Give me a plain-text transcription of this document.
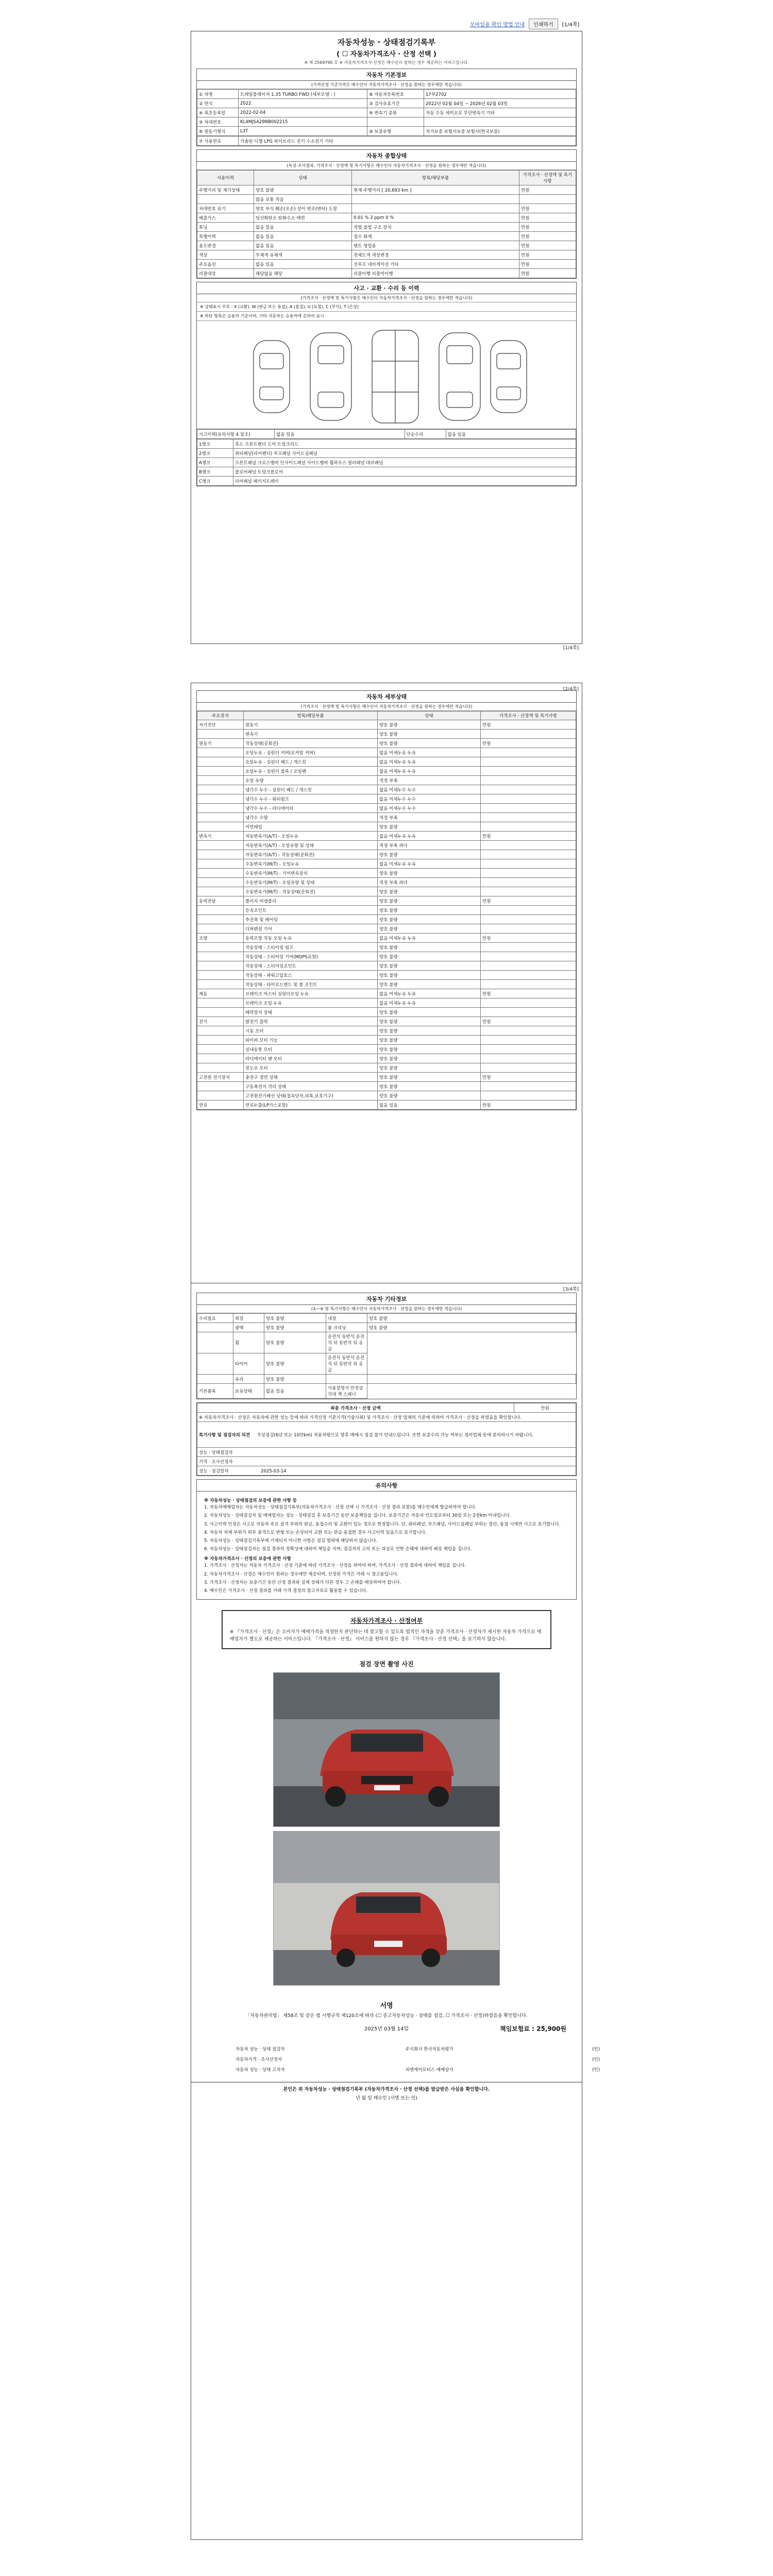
모바일용 확인 방법 안내	인쇄하기	[1/4쪽]
자동차성능 · 상태점검기록부
( ☐ 자동차가격조사 · 산정 선택 )
※ 제 2569790 호 ※ 자동차가격조사·산정은 매수인이 원하는 경우 제공하는 서비스입니다.
자동차 기본정보
(가격산정 기준가격은 매수인이 자동차가격조사 · 산정을 원하는 경우에만 적습니다)
① 차명	트레일블레이저 1.35 TURBO FWD (세부모델 : )	⑧ 자동차등록번호	17부2702
② 연식	2022	③ 검사유효기간	2022년 02월 04일 ~ 2026년 02월 03일
④ 최초등록일	2022-02-04	⑨ 변속기 종류	자동 수동 세미오토 무단변속기 기타
⑤ 차대번호	KL4MJSA29NB002215		
⑥ 원동기형식	L3T	⑩ 보증유형	자가보증 보험사보증 보험사(한국보증)
⑦ 사용연료	가솔린 디젤 LPG 하이브리드 전기 수소전기 기타
자동차 종합상태
(특성·조사결과, 가격조사 · 산정액 및 특기사항은 매수인이 자동차가격조사 · 산정을 원하는 경우에만 적습니다)
사용이력	상태	항목/해당부품	가격조사 · 산정액 및 특기사항
주행거리 및 계기상태	양호 불량	현재 주행거리 [ 20,693 km ]	만원
	많음 보통 적음		
차대번호 표기	양호 부식 훼손(오손) 상이 변조(변타) 도말		만원
배출가스	일산화탄소 탄화수소 매연	0.01 % 2 ppm 0 %	만원
튜닝	없음 있음	적법 불법 구조 장치	만원
특별이력	없음 있음	침수 화재	만원
용도변경	없음 있음	렌트 영업용	만원
색상	무채색 유채색	전체도색 색상변경	만원
주요옵션	없음 있음	선루프 네비게이션 기타	만원
리콜대상	해당없음 해당	리콜이행 리콜미이행	만원
사고 · 교환 · 수리 등 이력
(가격조사 · 산정액 및 특기사항은 매수인이 자동차가격조사 · 산정을 원하는 경우에만 적습니다)
※ 상태표시 부호 : X (교환), W (판금 또는 용접), A (흠집), U (요철), C (부식), T (손상)
※ 하단 항목은 승용차 기준이며, 기타 자동차는 승용차에 준하여 표시
사고이력(유의사항 4 참조)	없음 있음	단순수리	없음 있음
1랭크	후드 프론트펜더 도어 트렁크리드
2랭크	쿼터패널(리어펜더) 루프패널 사이드실패널
A랭크	프론트패널 크로스멤버 인사이드패널 사이드멤버 휠하우스 필러패널 대쉬패널
B랭크	플로어패널 트렁크플로어
C랭크	리어패널 패키지트레이
[1/4쪽]
자동차 세부상태
(가격조사 · 산정액 및 특기사항은 매수인이 자동차가격조사 · 산정을 원하는 경우에만 적습니다)
주요장치	항목/해당부품	상태	가격조사 · 산정액 및 특기사항
자기진단	원동기	양호 불량	만원
	변속기	양호 불량	
원동기	작동상태(공회전)	양호 불량	만원
	오일누유 - 실린더 커버(로커암 커버)	없음 미세누유 누유	
	오일누유 - 실린더 헤드 / 개스킷	없음 미세누유 누유	
	오일누유 - 실린더 블록 / 오일팬	없음 미세누유 누유	
	오일 유량	적정 부족	
	냉각수 누수 - 실린더 헤드 / 개스킷	없음 미세누수 누수	
	냉각수 누수 - 워터펌프	없음 미세누수 누수	
	냉각수 누수 - 라디에이터	없음 미세누수 누수	
	냉각수 수량	적정 부족	
	커먼레일	양호 불량	
변속기	자동변속기(A/T) - 오일누유	없음 미세누유 누유	만원
	자동변속기(A/T) - 오일유량 및 상태	적정 부족 과다	
	자동변속기(A/T) - 작동상태(공회전)	양호 불량	
	수동변속기(M/T) - 오일누유	없음 미세누유 누유	
	수동변속기(M/T) - 기어변속장치	양호 불량	
	수동변속기(M/T) - 오일유량 및 상태	적정 부족 과다	
	수동변속기(M/T) - 작동상태(공회전)	양호 불량	
동력전달	클러치 어셈블리	양호 불량	만원
	등속조인트	양호 불량	
	추진축 및 베어링	양호 불량	
	디퍼렌셜 기어	양호 불량	
조향	동력조향 작동 오일 누유	없음 미세누유 누유	만원
	작동상태 - 스티어링 펌프	양호 불량	
	작동상태 - 스티어링 기어(MDPS포함)	양호 불량	
	작동상태 - 스티어링조인트	양호 불량	
	작동상태 - 파워고압호스	양호 불량	
	작동상태 - 타이로드엔드 및 볼 조인트	양호 불량	
제동	브레이크 마스터 실린더오일 누유	없음 미세누유 누유	만원
	브레이크 오일 누유	없음 미세누유 누유	
	배력장치 상태	양호 불량	
전기	발전기 출력	양호 불량	만원
	시동 모터	양호 불량	
	와이퍼 모터 기능	양호 불량	
	실내송풍 모터	양호 불량	
	라디에이터 팬 모터	양호 불량	
	윈도우 모터	양호 불량	
고전원 전기장치	충전구 절연 상태	양호 불량	만원
	구동축전지 격리 상태	양호 불량	
	고전원전기배선 상태(접속단자,피복,보호기구)	양호 불량	
연료	연료누출(LP가스포함)	없음 있음	만원
[2/4쪽]
[3/4쪽]
자동차 기타정보
(①~⑥ 및 특기사항은 매수인이 자동차가격조사 · 산정을 원하는 경우에만 적습니다)
수리필요	외장	양호 불량	내장	양호 불량
	광택	양호 불량	룸 크리닝	양호 불량
	휠	양호 불량	운전석 동반석 운전석 뒤 동반석 뒤 응급	
	타이어	양호 불량	운전석 동반석 운전석 뒤 동반석 뒤 응급	
	유리	양호 불량		
기본품목	보유상태	없음 있음	사용설명서 안전삼각대 잭 스패너	
최종 가격조사 · 산정 금액	만원
※ 자동차가격조사 · 산정은 자동차에 관한 성능 등에 따라 가격산정 기준가격(기술사회) 및 가격조사 · 산정 업체의 기준에 의하여 가격조사 · 산정을 하였음을 확인합니다.
특기사항 및 점검자의 의견 무상점검(6년 또는 10만km) 적용차량으로 향후 매매시 점검 불가 안내드립니다. 또한 보증수리 가능 여부는 정비업체 등에 문의하시기 바랍니다.
성능 · 상태점검자
가격 · 조사산정자
성능 · 점검일자	2025-03-14
유의사항
※ 자동차성능 · 상태점검의 보증에 관한 사항 등

1. 자동차매매업자는 자동차성능 · 상태점검기록부(자동차가격조사 · 산정 선택 시 가격조사 · 산정 결과 포함)를 매수인에게 발급하여야 합니다.

2. 자동차성능 · 상태점검자 및 매매업자는 성능 · 상태점검 후 보증기간 동안 보증책임을 집니다. 보증기간은 자동차 인도일로부터 30일 또는 2천km 이내입니다.

3. 사고이력 인정은 사고로 자동차 주요 골격 부위의 판금, 용접수리 및 교환이 있는 경우로 한정합니다. 단, 쿼터패널, 루프패널, 사이드실패널 부위는 절단, 용접 시에만 사고로 표기합니다.

4. 자동차 차체 부위가 외부 충격으로 변형 또는 손상되어 교환 또는 판금·용접한 경우 사고이력 있음으로 표기합니다.

5. 자동차성능 · 상태점검기록부에 기재되지 아니한 사항은 점검 범위에 해당하지 않습니다.

6. 자동차성능 · 상태점검자는 점검 결과의 정확성에 대하여 책임을 지며, 점검자의 고의 또는 과실로 인한 손해에 대하여 배상 책임을 집니다.

※ 자동차가격조사 · 산정의 보증에 관한 사항

1. 가격조사 · 산정자는 자동차 가격조사 · 산정 기준에 따라 가격조사 · 산정을 하여야 하며, 가격조사 · 산정 결과에 대하여 책임을 집니다.

2. 자동차가격조사 · 산정은 매수인이 원하는 경우에만 제공되며, 산정된 가격은 거래 시 참고용입니다.

3. 가격조사 · 산정자는 보증기간 동안 산정 결과와 실제 상태가 다른 경우 그 손해를 배상하여야 합니다.

4. 매수인은 가격조사 · 산정 결과를 거래 가격 결정의 참고자료로 활용할 수 있습니다.

자동차가격조사 · 산정여부
※ 『가격조사 · 산정』은 소비자가 매매가격을 적정한지 판단하는 데 참고할 수 있도록 법적인 자격을 갖춘 가격조사 · 산정자가 제시한 자동차 가격으로 매매업자가 별도로 제공하는 서비스입니다. 『가격조사 · 산정』 서비스를 원하지 않는 경우 『가격조사 · 산정 선택』을 표기하지 않습니다.
점검 장면 촬영 사진
서명
「자동차관리법」 제58조 및 같은 법 시행규칙 제120조에 따라 (☐ 중고자동차성능 · 상태를 점검, ☐ 가격조사 · 산정)하였음을 확인합니다.
2025년 03월 14일	책임보험료 : 25,900원
자동차 성능 · 상태 점검자	주식회사 한국자동차평가	(인)
자동차가격 · 조사산정자		(인)
자동차 성능 · 상태 고지자	피엔케이모터스 매매상사	(인)
본인은 위 자동차성능 · 상태점검기록부 (자동차가격조사 · 산정 선택)를 발급받은 사실을 확인합니다.
년 월 일 매수인 (서명 또는 인)
